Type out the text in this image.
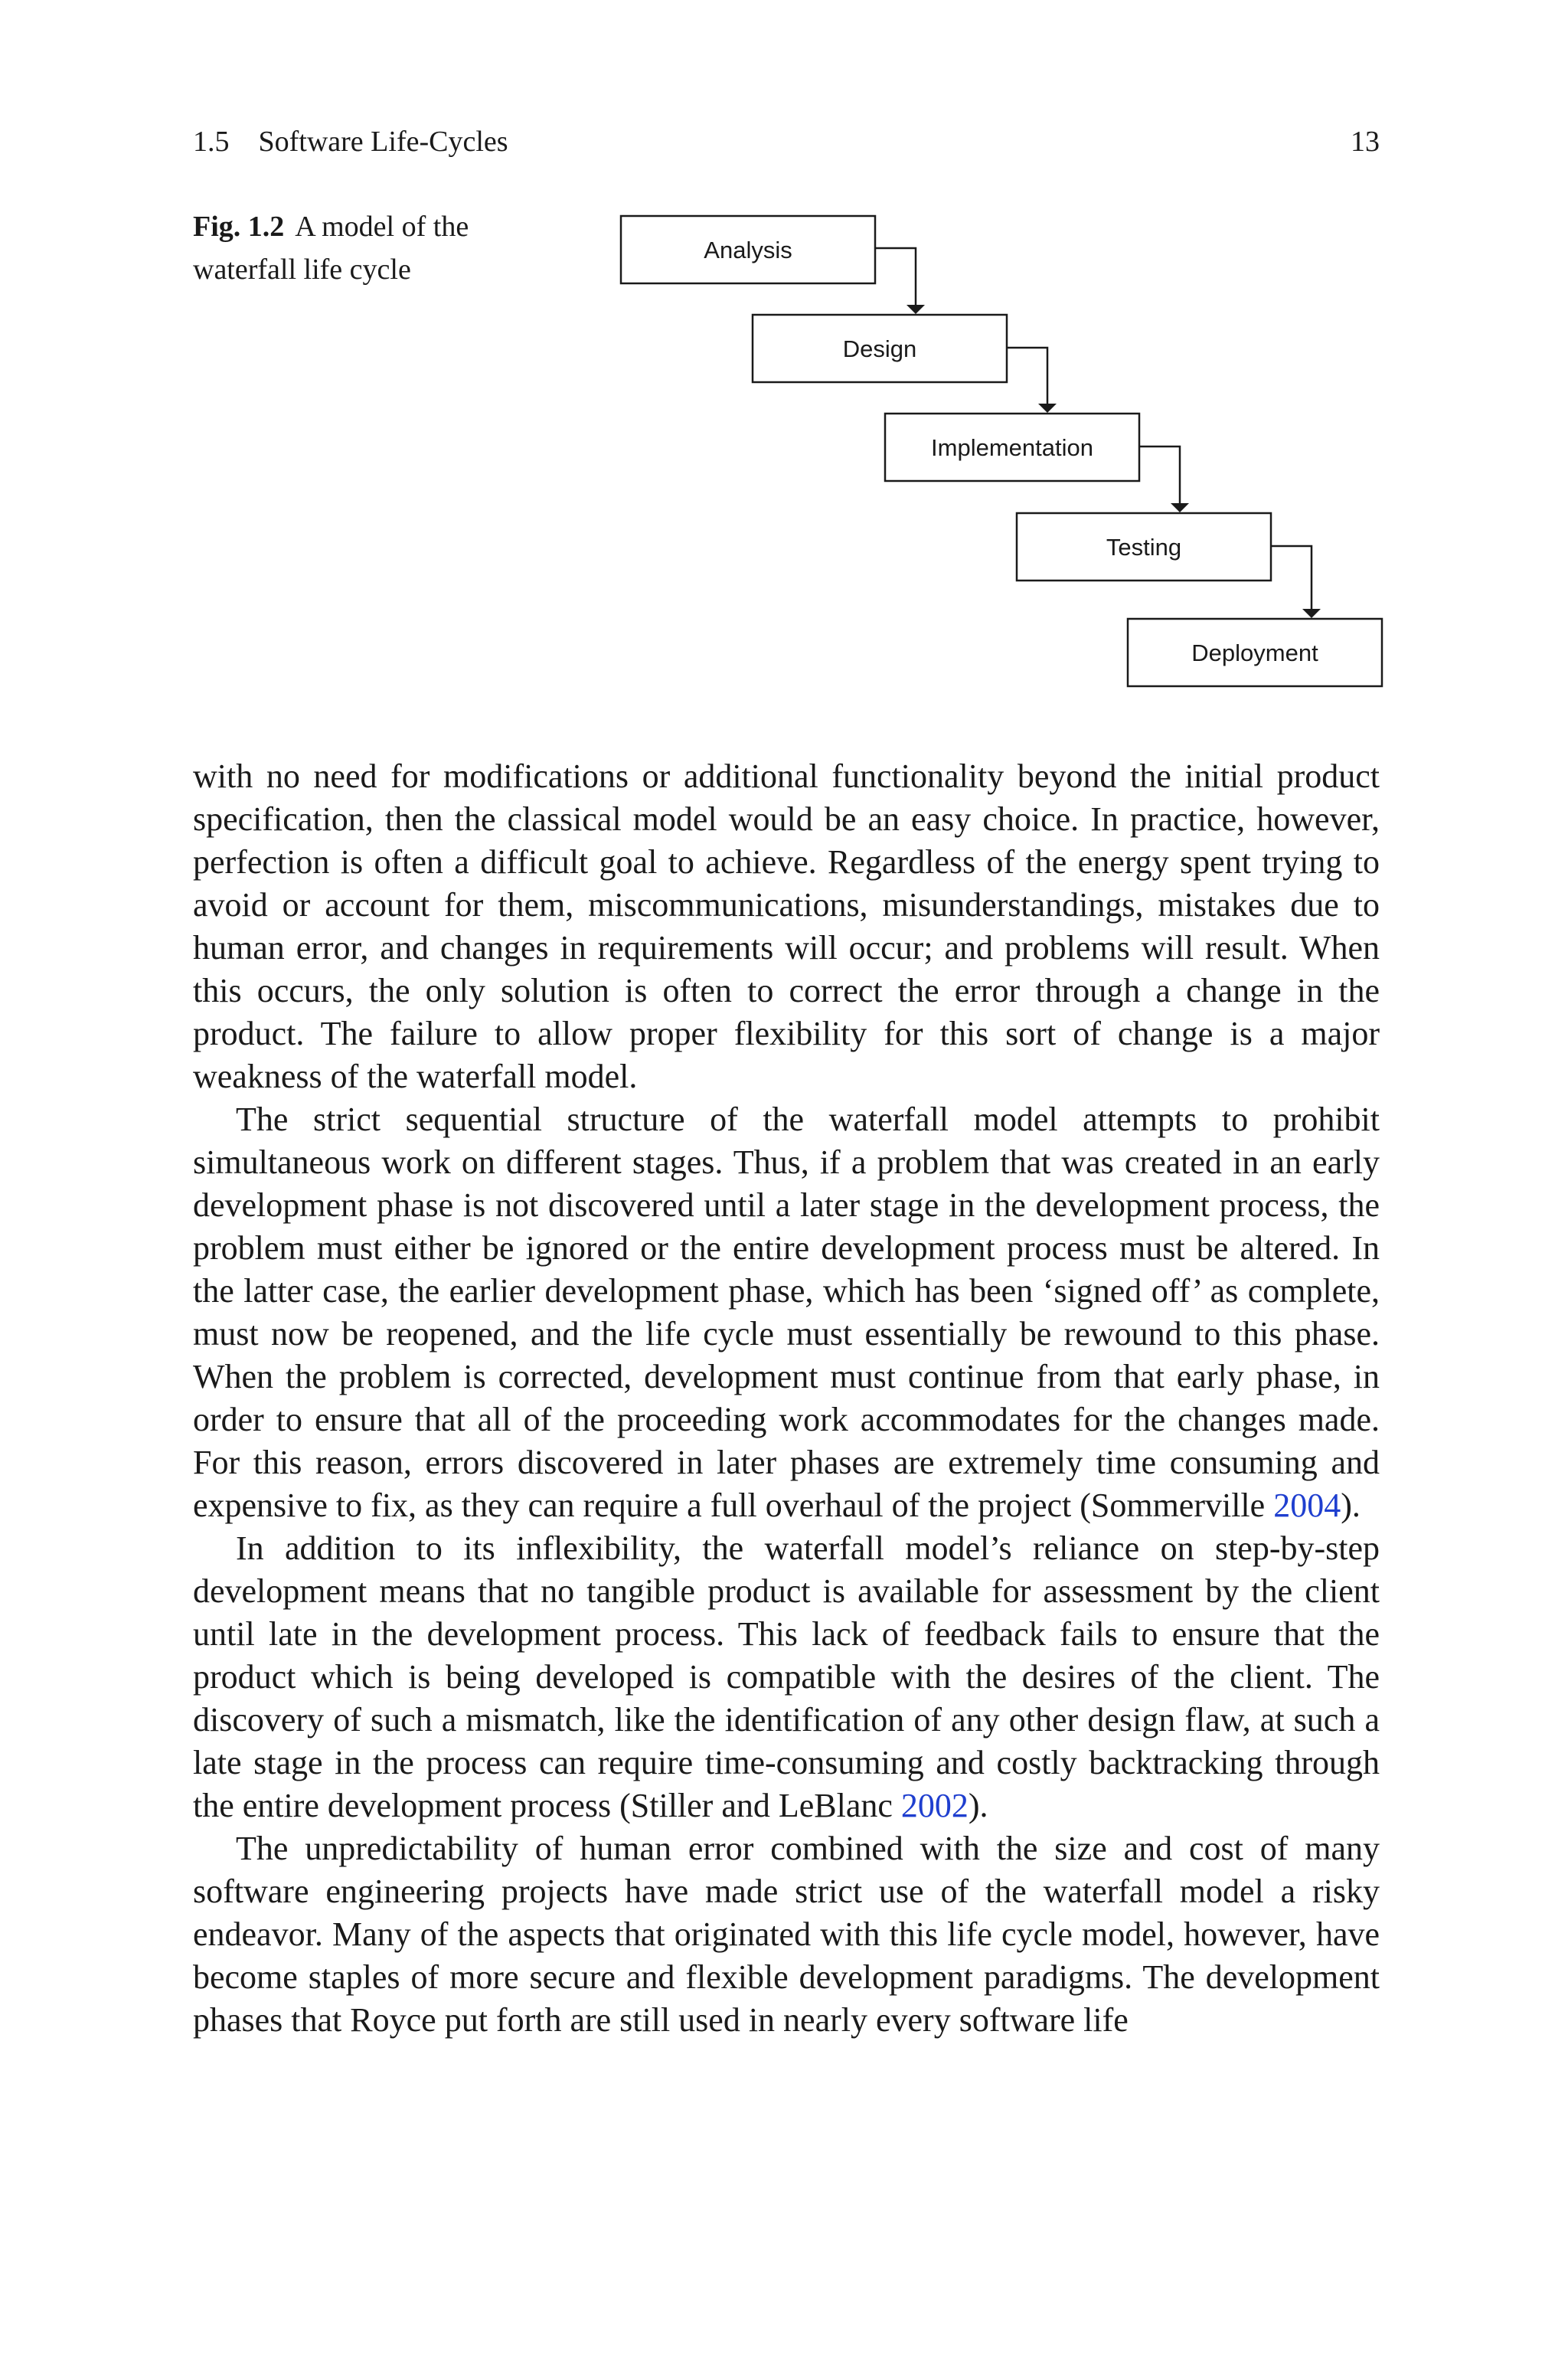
1.5 Software Life-Cycles	13
Fig. 1.2 A model of the waterfall life cycle
Analysis
Design
Implementation
Testing
Deployment

with no need for modifications or additional functionality beyond the initial product specification, then the classical model would be an easy choice. In practice, however, perfection is often a difficult goal to achieve. Regardless of the energy spent trying to avoid or account for them, miscommunications, misunderstandings, mistakes due to human error, and changes in requirements will occur; and problems will result. When this occurs, the only solution is often to correct the error through a change in the product. The failure to allow proper flexibility for this sort of change is a major weakness of the waterfall model.

The strict sequential structure of the waterfall model attempts to prohibit simultaneous work on different stages. Thus, if a problem that was created in an early development phase is not discovered until a later stage in the development process, the problem must either be ignored or the entire development process must be altered. In the latter case, the earlier development phase, which has been ‘signed off’ as complete, must now be reopened, and the life cycle must essentially be rewound to this phase. When the problem is corrected, development must continue from that early phase, in order to ensure that all of the proceeding work accommodates for the changes made. For this reason, errors discovered in later phases are extremely time consuming and expensive to fix, as they can require a full overhaul of the project (Sommerville 2004).

In addition to its inflexibility, the waterfall model’s reliance on step-by-step development means that no tangible product is available for assessment by the client until late in the development process. This lack of feedback fails to ensure that the product which is being developed is compatible with the desires of the client. The discovery of such a mismatch, like the identification of any other design flaw, at such a late stage in the process can require time-consuming and costly backtracking through the entire development process (Stiller and LeBlanc 2002).

The unpredictability of human error combined with the size and cost of many software engineering projects have made strict use of the waterfall model a risky endeavor. Many of the aspects that originated with this life cycle model, however, have become staples of more secure and flexible development paradigms. The development phases that Royce put forth are still used in nearly every software life
